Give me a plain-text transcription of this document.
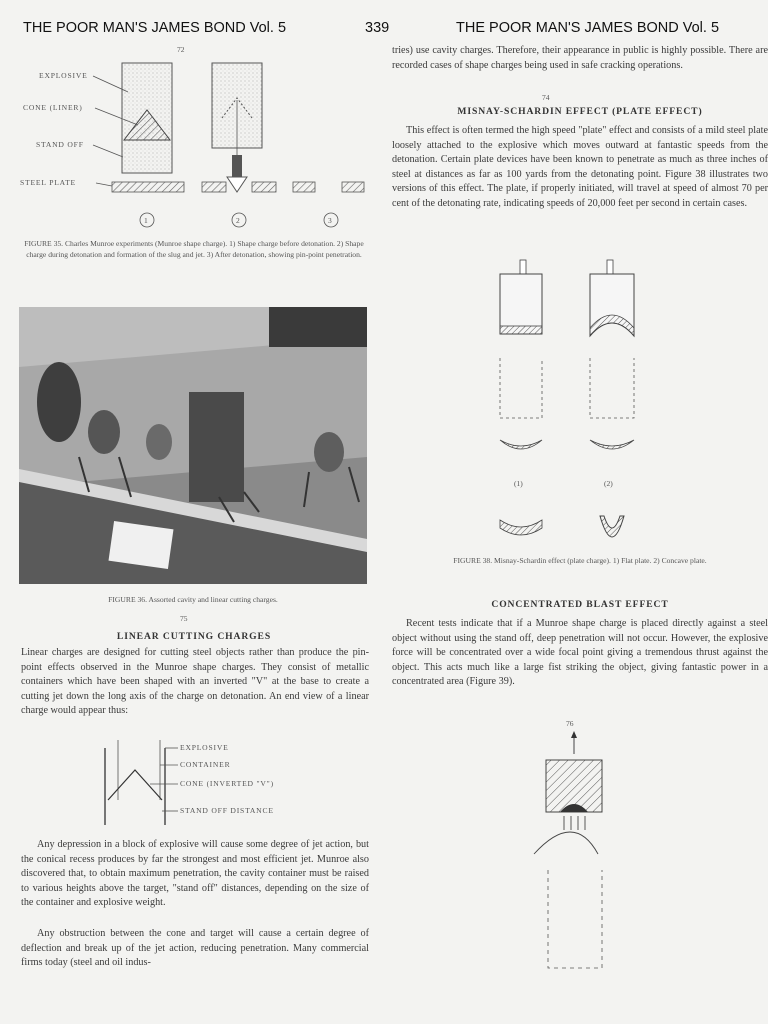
THE POOR MAN'S JAMES BOND Vol. 5	339	THE POOR MAN'S JAMES BOND Vol. 5
72
EXPLOSIVE
CONE (LINER)
STAND OFF
STEEL PLATE
1	2	3
FIGURE 35. Charles Munroe experiments (Munroe shape charge). 1) Shape charge before detonation. 2) Shape charge during detonation and formation of the slug and jet. 3) After detonation, showing pin-point penetration.
FIGURE 36. Assorted cavity and linear cutting charges.
75
LINEAR CUTTING CHARGES

Linear charges are designed for cutting steel objects rather than produce the pin-point effects observed in the Munroe shape charges. They consist of metallic containers which have been shaped with an inverted "V" at the base to create a cutting jet down the long axis of the charge on detonation. An end view of a linear charge would appear thus:

EXPLOSIVE
CONTAINER
CONE (INVERTED "V")
STAND OFF DISTANCE

Any depression in a block of explosive will cause some degree of jet action, but the conical recess produces by far the strongest and most efficient jet. Munroe also discovered that, to obtain maximum penetration, the cavity container must be raised to various heights above the target, "stand off" distances, depending on the size of the container and explosive weight.

Any obstruction between the cone and target will cause a certain degree of deflection and break up of the jet action, reducing penetration. Many commercial firms today (steel and oil indus-

tries) use cavity charges. Therefore, their appearance in public is highly possible. There are recorded cases of shape charges being used in safe cracking operations.

74
MISNAY-SCHARDIN EFFECT (PLATE EFFECT)

This effect is often termed the high speed "plate" effect and consists of a mild steel plate loosely attached to the explosive which moves outward at fantastic speeds from the detonation. Certain plate devices have been known to penetrate as much as three inches of steel at distances as far as 100 yards from the detonating point. Figure 38 illustrates two versions of this effect. The plate, if properly initiated, will travel at speed of almost 70 per cent of the detonating rate, indicating speeds of 20,000 feet per second in certain cases.

(1)	(2)
FIGURE 38. Misnay-Schardin effect (plate charge). 1) Flat plate. 2) Concave plate.
CONCENTRATED BLAST EFFECT

Recent tests indicate that if a Munroe shape charge is placed directly against a steel object without using the stand off, deep penetration will not occur. However, the explosive force will be concentrated over a wide focal point giving a tremendous thrust against the object. This acts much like a large fist striking the object, giving fantastic power in a concentrated area (Figure 39).

76
